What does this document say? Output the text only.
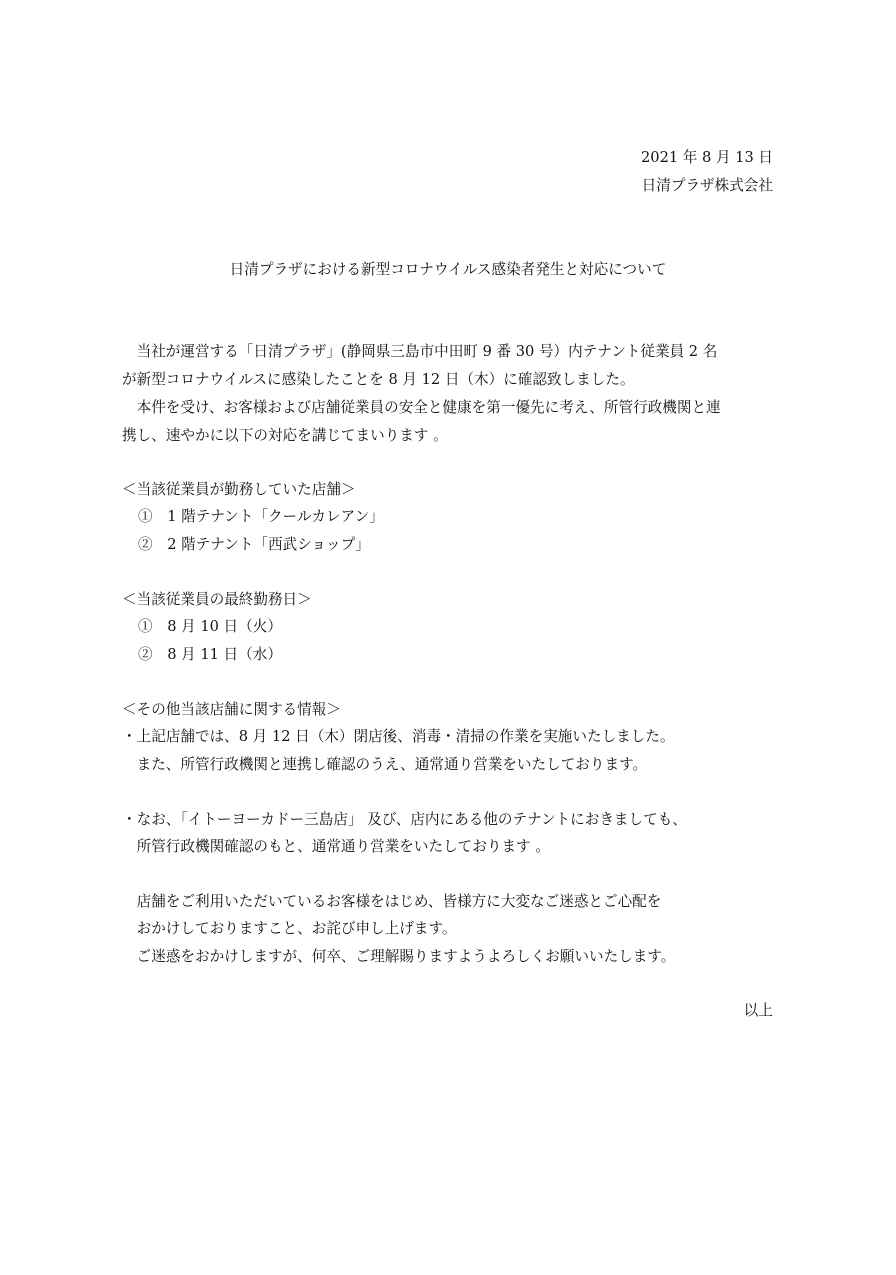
2021 年 8 月 13 日
日清プラザ株式会社
日清プラザにおける新型コロナウイルス感染者発生と対応について
　当社が運営する「日清プラザ」(静岡県三島市中田町 9 番 30 号）内テナント従業員 2 名
が新型コロナウイルスに感染したことを 8 月 12 日（木）に確認致しました。
　本件を受け、お客様および店舗従業員の安全と健康を第一優先に考え、所管行政機関と連
携し、速やかに以下の対応を講じてまいります 。
＜当該従業員が勤務していた店舗＞
①　1 階テナント「クールカレアン」
②　2 階テナント「西武ショップ」
＜当該従業員の最終勤務日＞
①　8 月 10 日（火）
②　8 月 11 日（水）
＜その他当該店舗に関する情報＞
・上記店舗では、8 月 12 日（木）閉店後、消毒・清掃の作業を実施いたしました。
　また、所管行政機関と連携し確認のうえ、通常通り営業をいたしております。
・なお、「イトーヨーカドー三島店」 及び、店内にある他のテナントにおきましても、
　所管行政機関確認のもと、通常通り営業をいたしております 。
　店舗をご利用いただいているお客様をはじめ、皆様方に大変なご迷惑とご心配を
　おかけしておりますこと、お詫び申し上げます。
　ご迷惑をおかけしますが、何卒、ご理解賜りますようよろしくお願いいたします。
以上
